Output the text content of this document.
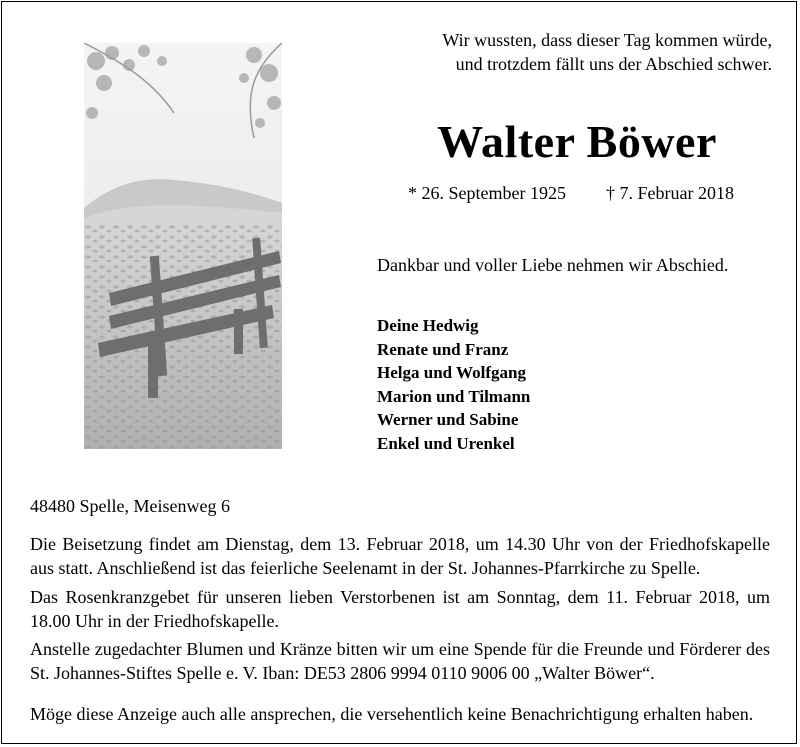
Wir wussten, dass dieser Tag kommen würde,
und trotzdem fällt uns der Abschied schwer.
Walter Böwer
* 26. September 1925 † 7. Februar 2018
Dankbar und voller Liebe nehmen wir Abschied.
Deine Hedwig
Renate und Franz
Helga und Wolfgang
Marion und Tilmann
Werner und Sabine
Enkel und Urenkel
48480 Spelle, Meisenweg 6

Die Beisetzung findet am Dienstag, dem 13. Februar 2018, um 14.30 Uhr von der Friedhofskapelle aus statt. Anschließend ist das feierliche Seelenamt in der St. Johannes-Pfarrkirche zu Spelle.

Das Rosenkranzgebet für unseren lieben Verstorbenen ist am Sonntag, dem 11. Februar 2018, um 18.00 Uhr in der Friedhofskapelle.

Anstelle zugedachter Blumen und Kränze bitten wir um eine Spende für die Freunde und Förderer des St. Johannes-Stiftes Spelle e. V. Iban: DE53 2806 9994 0110 9006 00 „Walter Böwer“.

Möge diese Anzeige auch alle ansprechen, die versehentlich keine Benachrichtigung erhalten haben.
